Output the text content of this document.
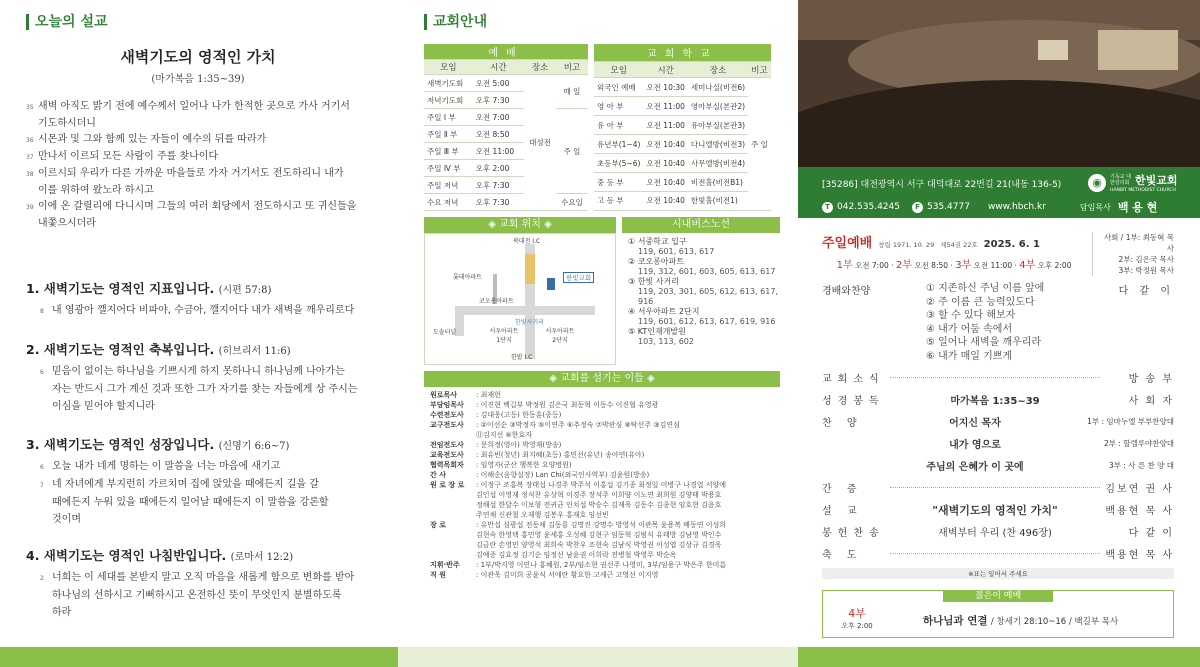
오늘의 설교
새벽기도의 영적인 가치
(마가복음 1:35~39)
35 새벽 아직도 밝기 전에 예수께서 일어나 나가 한적한 곳으로 가사 거기서
기도하시더니
36 시몬과 및 그와 함께 있는 자들이 예수의 뒤를 따라가
37 만나서 이르되 모든 사람이 주를 찾나이다
38 이르시되 우리가 다른 가까운 마을들로 가자 거기서도 전도하리니 내가
이를 위하여 왔노라 하시고
39 이에 온 갈릴리에 다니시며 그들의 여러 회당에서 전도하시고 또 귀신들을
내쫓으시더라
1. 새벽기도는 영적인 지표입니다. (시편 57:8)
8 내 영광아 깰지어다 비파야, 수금아, 깰지어다 내가 새벽을 깨우리로다
2. 새벽기도는 영적인 축복입니다. (히브리서 11:6)
6 믿음이 없이는 하나님을 기쁘시게 하지 못하나니 하나님께 나아가는
자는 반드시 그가 계신 것과 또한 그가 자기를 찾는 자들에게 상 주시는
이심을 믿어야 할지니라
3. 새벽기도는 영적인 성장입니다. (신명기 6:6~7)
6 오늘 내가 네게 명하는 이 말씀을 너는 마음에 새기고
7 네 자녀에게 부지런히 가르치며 집에 앉았을 때에든지 길을 갈
때에든지 누워 있을 때에든지 일어날 때에든지 이 말씀을 강론할
것이며
4. 새벽기도는 영적인 나침반입니다. (로마서 12:2)
2 너희는 이 세대를 본받지 말고 오직 마음을 새롭게 함으로 변화를 받아
하나님의 선하시고 기뻐하시고 온전하신 뜻이 무엇인지 분별하도록
하라
교회안내
예배			
모임	시간	장소	비고
새벽기도회	오전 5:00	대성전	매 일
저녁기도회	오후 7:30		
주일 Ⅰ 부	오전 7:00		주 일
주일 Ⅱ 부	오전 8:50		
주일 Ⅲ 부	오전 11:00		
주일 Ⅳ 부	오후 2:00		
주일 저녁	오후 7:30		
수요 저녁	오후 7:30		수요일
교회학교			
모임	시간	장소	비고
외국인 예배	오전 10:30	세미나실(비전6)	주 일
영 아 부	오전 11:00	영아부실(본관2)	
유 아 부	오전 11:00	유아부실(본관3)	
유년부(1~4)	오전 10:40	다니엘방(비전3)	
초등부(5~6)	오전 10:40	사무엘방(비전4)	
중 등 부	오전 10:40	비전홀(비전B1)	
고 등 부	오전 10:40	한빛홀(비전1)	
◈ 교회 위치 ◈
북대전 I.C
롯데아파트	한빛교회
코오롱아파트
도솔터널
한빛사거리
서우아파트 1단지
서우아파트 2단지
한밭 I.C
시내버스노선
① 서중학교 입구
119, 601, 613, 617
② 코오롱아파트
119, 312, 601, 603, 605, 613, 617
③ 한빛 사거리
119, 203, 301, 605, 612, 613, 617, 916
④ 서우아파트 2단지
119, 601, 612, 613, 617, 619, 916
⑤ KT인재개발원
103, 113, 602
◈ 교회를 섬기는 이들 ◈
원로목사	: 최재헌
부담임목사	: 이진현 백길부 박정원 김은국 최동혁 이동수 이진협 유영광
수련전도사	: 김대웅(고등) 한동훈(중등)
교구전도사	: ②이선순 ③박정자 ⑤이연주 ⑥추정숙 ⑦박판심 ⑧탁선주 ③김연심
⑪김지선 ⑥한효자
전임전도사	: 문희정(영아) 박영재(방송)
교육전도사	: 최유빈(청년) 최지혜(초등) 홍민선(유년) 송아연(유아)
협력목회자	: 임영자(군산 행복한 요양병원)
간 사	: 이해순(음향실장) Lan Chi(외국인사역부) 김윤원(방송)
원 로 장 로	: 이정구 조홍복 장태섭 나경주 박주석 이홍섭 김기종 최정일 이병구 나경열 서양예
김인섭 이영재 정석찬 유상혁 이경주 장석주 이희량 이노연 최희원 김양태 박용호
정해섭 한달수 이보형 전귀균 인치섭 박승수 김재욱 김동수 김종현 임호현 김윤호
주연채 신관철 오재행 김봉우 홍재호 임선빈
장 로	: 유만섭 심광섭 전동채 김동룡 김명진 강명수 방영석 이관목 윤용복 배동연 이성희
김현숙 한영택 홍민영 윤세홍 오성혜 김현구 임동혁 김범식 유태방 김남영 박인수
김금란 손영민 양영석 최희숙 박찬우 조현숙 김남식 박영권 이성엽 김상규 김경욱
김예증 김효정 김기순 임정선 남윤권 이희락 전병철 박영무 박순옥
지휘·반주	: 1부/박지영 이민나 홍혜원, 2부/임소현 권선주 나영미, 3부/임용구 박은주 한미름
직 원	: 이관욱 김미희 공윤식 서애란 황요한 고세근 고영선 이지영
[35286] 대전광역시 서구 대덕대로 22번길 21(내동 136-5)	◉	기독교 대한감리회 한빛교회
HANBIT METHODIST CHURCH
T 042.535.4245	F 535.4777 www.hbch.kr	담임목사 백 용 현
주일예배 창립 1971. 10. 29 제54권 22호 2025. 6. 1
1부 오전 7:00 · 2부 오전 8:50 · 3부 오전 11:00 · 4부 오후 2:00
사회 / 1부: 최동혁 목사
2부: 김은국 목사
3부: 박정원 목사
경배와찬양	① 지존하신 주님 이름 앞에
② 주 이름 큰 능력있도다
③ 할 수 있다 해보자
④ 내가 어둠 속에서
⑤ 일어나 새벽을 깨우리라
⑥ 내가 매일 기쁘게
다 같 이
교회소식	방 송 부
성경봉독	마가복음 1:35~39	사 회 자
찬 양	어지신 목자	1부 : 임마누엘 부부찬양대
내가 영으로	2부 : 할렐루야찬양대
주님의 은혜가 이 곳에	3부 : 사 른 찬 양 대
간 증	김보연 권 사
설 교	"새벽기도의 영적인 가치"	백용현 목 사
봉헌찬송	새벽부터 우리 (찬 496장)	다 같 이
축 도	백용현 목 사
※표는 일어서 주세요
젊은이 예배
4부
오후 2:00	하나님과 연결 / 창세기 28:10~16 / 백길부 목사
